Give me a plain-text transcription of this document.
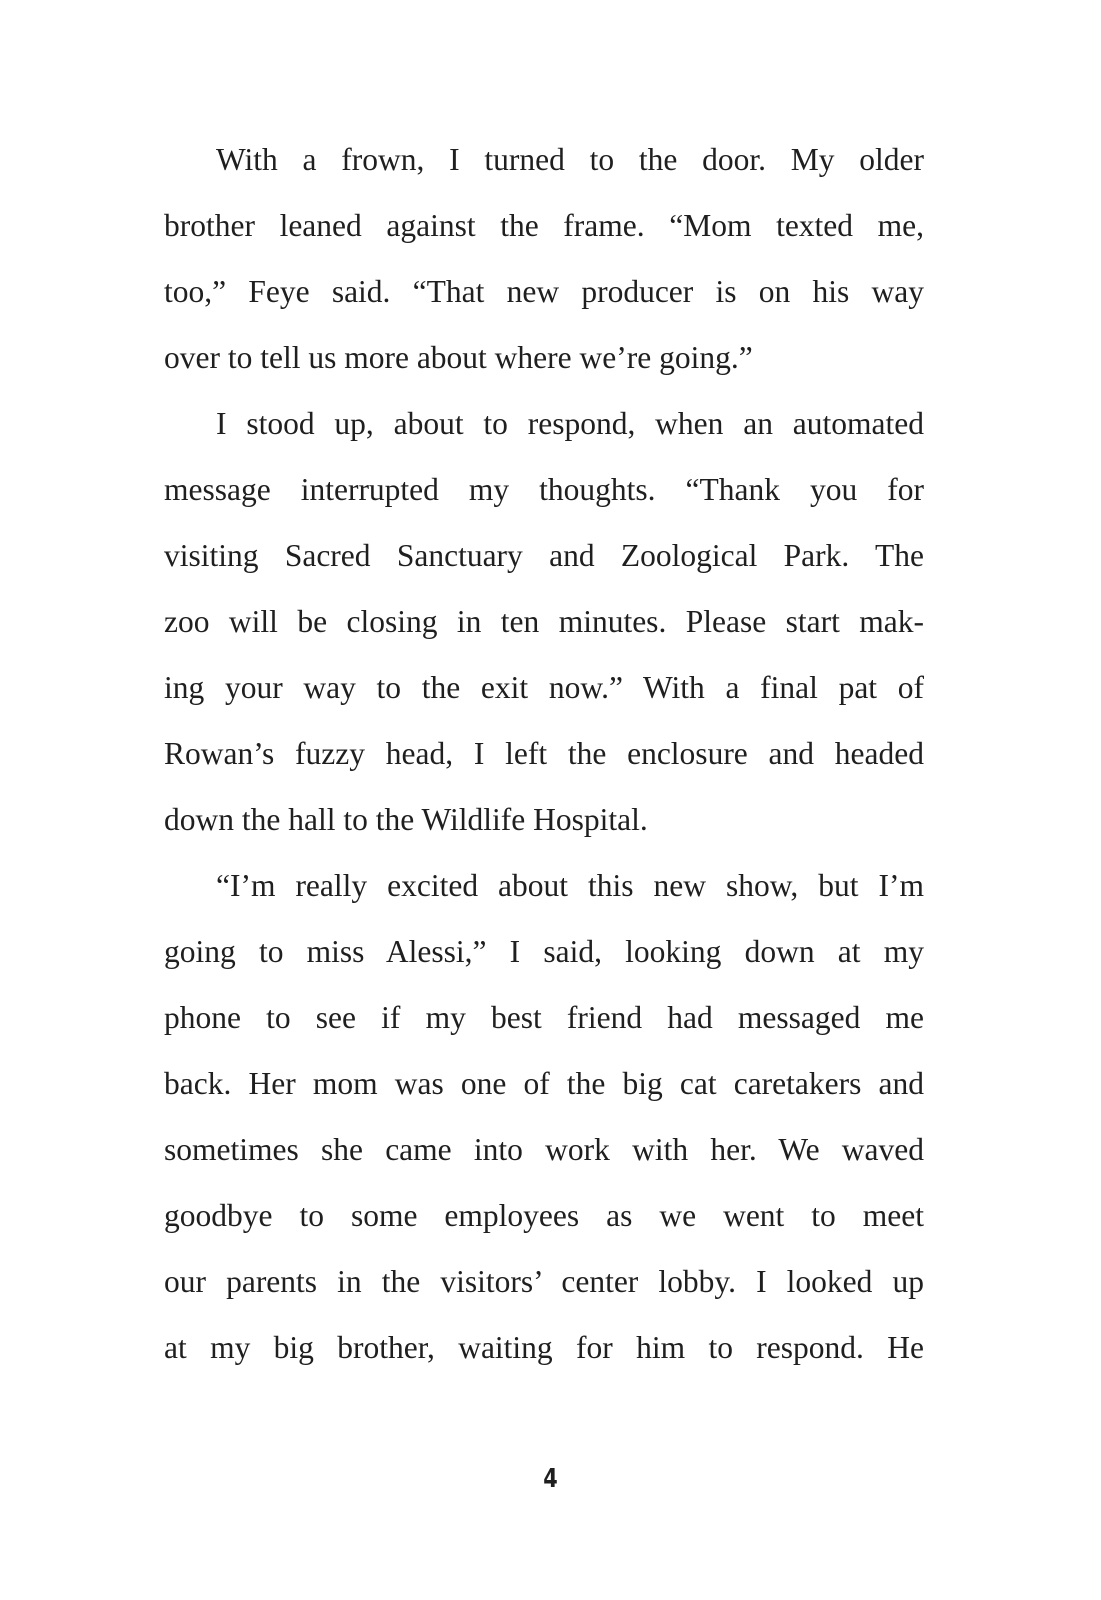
With a frown, I turned to the door. My older
brother leaned against the frame. “Mom texted me,
too,” Feye said. “That new producer is on his way
over to tell us more about where we’re going.”
I stood up, about to respond, when an automated
message interrupted my thoughts. “Thank you for
visiting Sacred Sanctuary and Zoological Park. The
zoo will be closing in ten minutes. Please start mak-
ing your way to the exit now.” With a final pat of
Rowan’s fuzzy head, I left the enclosure and headed
down the hall to the Wildlife Hospital.
“I’m really excited about this new show, but I’m
going to miss Alessi,” I said, looking down at my
phone to see if my best friend had messaged me
back. Her mom was one of the big cat caretakers and
sometimes she came into work with her. We waved
goodbye to some employees as we went to meet
our parents in the visitors’ center lobby. I looked up
at my big brother, waiting for him to respond. He
4
